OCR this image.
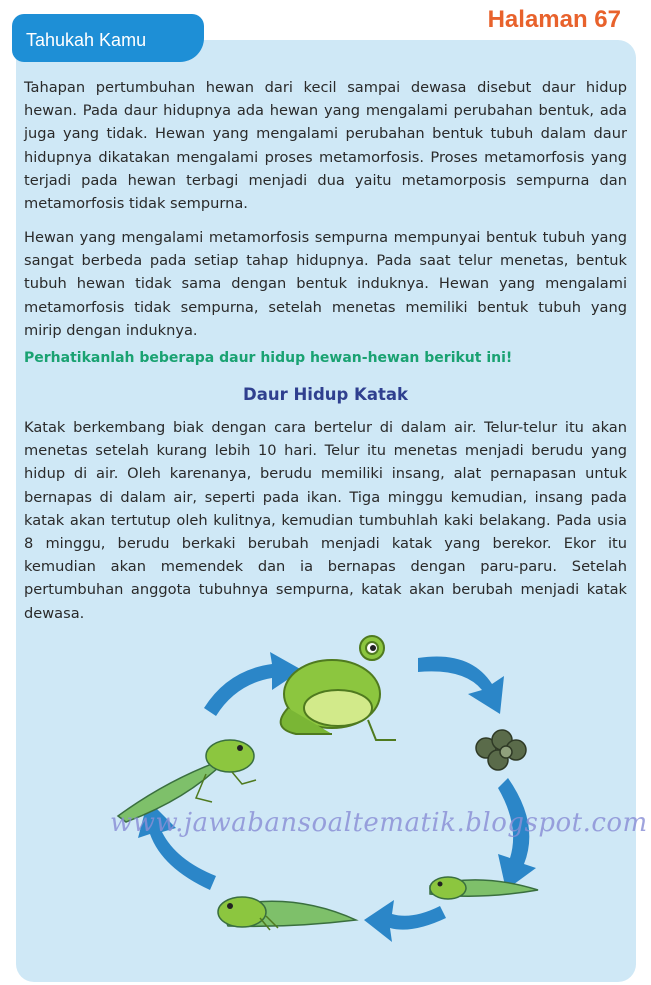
Halaman 67
Tahukah Kamu

Tahapan pertumbuhan hewan dari kecil sampai dewasa disebut daur hidup hewan. Pada daur hidupnya ada hewan yang mengalami perubahan bentuk, ada juga yang tidak. Hewan yang mengalami perubahan bentuk tubuh dalam daur hidupnya dikatakan mengalami proses metamorfosis. Proses metamorfosis yang terjadi pada hewan terbagi menjadi dua yaitu metamorposis sempurna dan metamorfosis tidak sempurna.

Hewan yang mengalami metamorfosis sempurna mempunyai bentuk tubuh yang sangat berbeda pada setiap tahap hidupnya. Pada saat telur menetas, bentuk tubuh hewan tidak sama dengan bentuk induknya. Hewan yang mengalami metamorfosis tidak sempurna, setelah menetas memiliki bentuk tubuh yang mirip dengan induknya.

Perhatikanlah beberapa daur hidup hewan-hewan berikut ini!
Daur Hidup Katak

Katak berkembang biak dengan cara bertelur di dalam air. Telur-telur itu akan menetas setelah kurang lebih 10 hari. Telur itu menetas menjadi berudu yang hidup di air. Oleh karenanya, berudu memiliki insang, alat pernapasan untuk bernapas di dalam air, seperti pada ikan. Tiga minggu kemudian, insang pada katak akan tertutup oleh kulitnya, kemudian tumbuhlah kaki belakang. Pada usia 8 minggu, berudu berkaki berubah menjadi katak yang berekor. Ekor itu kemudian akan memendek dan ia bernapas dengan paru-paru. Setelah pertumbuhan anggota tubuhnya sempurna, katak akan berubah menjadi katak dewasa.

www.jawabansoaltematik.blogspot.com
